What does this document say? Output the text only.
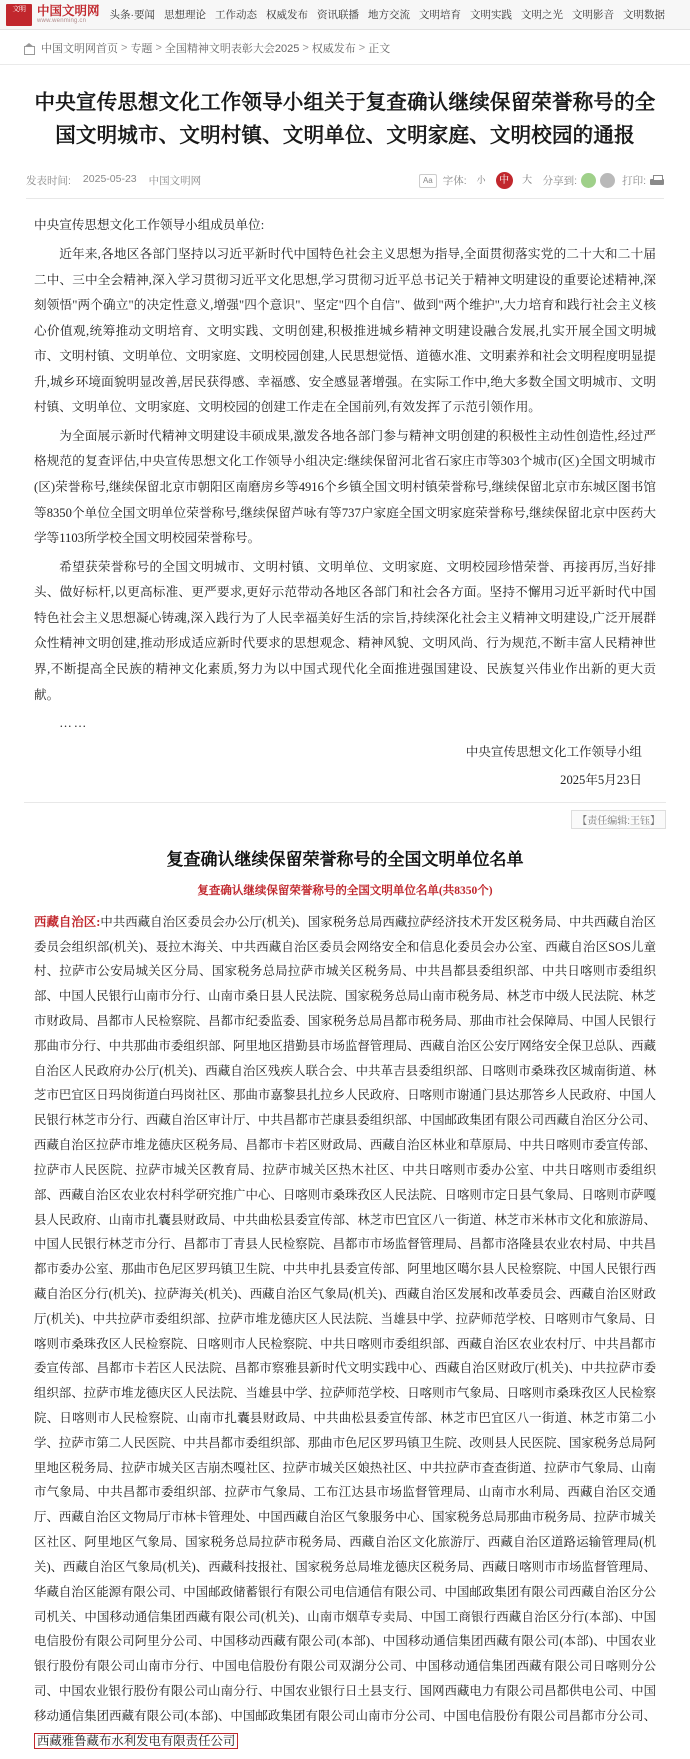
文明 中国文明网
www.wenming.cn	头条·要闻 思想理论 工作动态 权威发布 资讯联播 地方交流 文明培育 文明实践 文明之光 文明影音 文明数据
中国文明网首页 > 专题 > 全国精神文明表彰大会2025 > 权威发布 > 正文
中央宣传思想文化工作领导小组关于复查确认继续保留荣誉称号的全国文明城市、文明村镇、文明单位、文明家庭、文明校园的通报
发表时间: 2025-05-23 中国文明网	Aa 字体:	小	中	大	分享到:	打印:

中央宣传思想文化工作领导小组成员单位:

近年来,各地区各部门坚持以习近平新时代中国特色社会主义思想为指导,全面贯彻落实党的二十大和二十届二中、三中全会精神,深入学习贯彻习近平文化思想,学习贯彻习近平总书记关于精神文明建设的重要论述精神,深刻领悟"两个确立"的决定性意义,增强"四个意识"、坚定"四个自信"、做到"两个维护",大力培育和践行社会主义核心价值观,统筹推动文明培育、文明实践、文明创建,积极推进城乡精神文明建设融合发展,扎实开展全国文明城市、文明村镇、文明单位、文明家庭、文明校园创建,人民思想觉悟、道德水准、文明素养和社会文明程度明显提升,城乡环境面貌明显改善,居民获得感、幸福感、安全感显著增强。在实际工作中,绝大多数全国文明城市、文明村镇、文明单位、文明家庭、文明校园的创建工作走在全国前列,有效发挥了示范引领作用。

为全面展示新时代精神文明建设丰硕成果,激发各地各部门参与精神文明创建的积极性主动性创造性,经过严格规范的复查评估,中央宣传思想文化工作领导小组决定:继续保留河北省石家庄市等303个城市(区)全国文明城市(区)荣誉称号,继续保留北京市朝阳区南磨房乡等4916个乡镇全国文明村镇荣誉称号,继续保留北京市东城区图书馆等8350个单位全国文明单位荣誉称号,继续保留芦咏有等737户家庭全国文明家庭荣誉称号,继续保留北京中医药大学等1103所学校全国文明校园荣誉称号。

希望获荣誉称号的全国文明城市、文明村镇、文明单位、文明家庭、文明校园珍惜荣誉、再接再厉,当好排头、做好标杆,以更高标准、更严要求,更好示范带动各地区各部门和社会各方面。坚持不懈用习近平新时代中国特色社会主义思想凝心铸魂,深入践行为了人民幸福美好生活的宗旨,持续深化社会主义精神文明建设,广泛开展群众性精神文明创建,推动形成适应新时代要求的思想观念、精神风貌、文明风尚、行为规范,不断丰富人民精神世界,不断提高全民族的精神文化素质,努力为以中国式现代化全面推进强国建设、民族复兴伟业作出新的更大贡献。

……

中央宣传思想文化工作领导小组

2025年5月23日

【责任编辑:王钰】
复查确认继续保留荣誉称号的全国文明单位名单
复查确认继续保留荣誉称号的全国文明单位名单(共8350个)
西藏自治区:中共西藏自治区委员会办公厅(机关)、国家税务总局西藏拉萨经济技术开发区税务局、中共西藏自治区委员会组织部(机关)、聂拉木海关、中共西藏自治区委员会网络安全和信息化委员会办公室、西藏自治区SOS儿童村、拉萨市公安局城关区分局、国家税务总局拉萨市城关区税务局、中共昌都县委组织部、中共日喀则市委组织部、中国人民银行山南市分行、山南市桑日县人民法院、国家税务总局山南市税务局、林芝市中级人民法院、林芝市财政局、昌都市人民检察院、昌都市纪委监委、国家税务总局昌都市税务局、那曲市社会保障局、中国人民银行那曲市分行、中共那曲市委组织部、阿里地区措勤县市场监督管理局、西藏自治区公安厅网络安全保卫总队、西藏自治区人民政府办公厅(机关)、西藏自治区残疾人联合会、中共革吉县委组织部、日喀则市桑珠孜区城南街道、林芝市巴宜区日玛岗街道白玛岗社区、那曲市嘉黎县扎拉乡人民政府、日喀则市谢通门县达那答乡人民政府、中国人民银行林芝市分行、西藏自治区审计厅、中共昌都市芒康县委组织部、中国邮政集团有限公司西藏自治区分公司、西藏自治区拉萨市堆龙德庆区税务局、昌都市卡若区财政局、西藏自治区林业和草原局、中共日喀则市委宣传部、拉萨市人民医院、拉萨市城关区教育局、拉萨市城关区热木社区、中共日喀则市委办公室、中共日喀则市委组织部、西藏自治区农业农村科学研究推广中心、日喀则市桑珠孜区人民法院、日喀则市定日县气象局、日喀则市萨嘎县人民政府、山南市扎囊县财政局、中共曲松县委宣传部、林芝市巴宜区八一街道、林芝市米林市文化和旅游局、中国人民银行林芝市分行、昌都市丁青县人民检察院、昌都市市场监督管理局、昌都市洛隆县农业农村局、中共昌都市委办公室、那曲市色尼区罗玛镇卫生院、中共申扎县委宣传部、阿里地区噶尔县人民检察院、中国人民银行西藏自治区分行(机关)、拉萨海关(机关)、西藏自治区气象局(机关)、西藏自治区发展和改革委员会、西藏自治区财政厅(机关)、中共拉萨市委组织部、拉萨市堆龙德庆区人民法院、当雄县中学、拉萨师范学校、日喀则市气象局、日喀则市桑珠孜区人民检察院、日喀则市人民检察院、中共日喀则市委组织部、西藏自治区农业农村厅、中共昌都市委宣传部、昌都市卡若区人民法院、昌都市察雅县新时代文明实践中心、西藏自治区财政厅(机关)、中共拉萨市委组织部、拉萨市堆龙德庆区人民法院、当雄县中学、拉萨师范学校、日喀则市气象局、日喀则市桑珠孜区人民检察院、日喀则市人民检察院、山南市扎囊县财政局、中共曲松县委宣传部、林芝市巴宜区八一街道、林芝市第二小学、拉萨市第二人民医院、中共昌都市委组织部、那曲市色尼区罗玛镇卫生院、改则县人民医院、国家税务总局阿里地区税务局、拉萨市城关区吉崩杰嘎社区、拉萨市城关区娘热社区、中共拉萨市查查街道、拉萨市气象局、山南市气象局、中共昌都市委组织部、拉萨市气象局、工布江达县市场监督管理局、山南市水利局、西藏自治区交通厅、西藏自治区文物局厅市林卡管理处、中国西藏自治区气象服务中心、国家税务总局那曲市税务局、拉萨市城关区社区、阿里地区气象局、国家税务总局拉萨市税务局、西藏自治区文化旅游厅、西藏自治区道路运输管理局(机关)、西藏自治区气象局(机关)、西藏科技报社、国家税务总局堆龙德庆区税务局、西藏日喀则市市场监督管理局、华藏自治区能源有限公司、中国邮政储蓄银行有限公司电信通信有限公司、中国邮政集团有限公司西藏自治区分公司机关、中国移动通信集团西藏有限公司(机关)、山南市烟草专卖局、中国工商银行西藏自治区分行(本部)、中国电信股份有限公司阿里分公司、中国移动西藏有限公司(本部)、中国移动通信集团西藏有限公司(本部)、中国农业银行股份有限公司山南市分行、中国电信股份有限公司双湖分公司、中国移动通信集团西藏有限公司日喀则分公司、中国农业银行股份有限公司山南分行、中国农业银行日土县支行、国网西藏电力有限公司昌都供电公司、中国移动通信集团西藏有限公司(本部)、中国邮政集团有限公司山南市分公司、中国电信股份有限公司昌都市分公司、西藏雅鲁藏布水利发电有限责任公司
